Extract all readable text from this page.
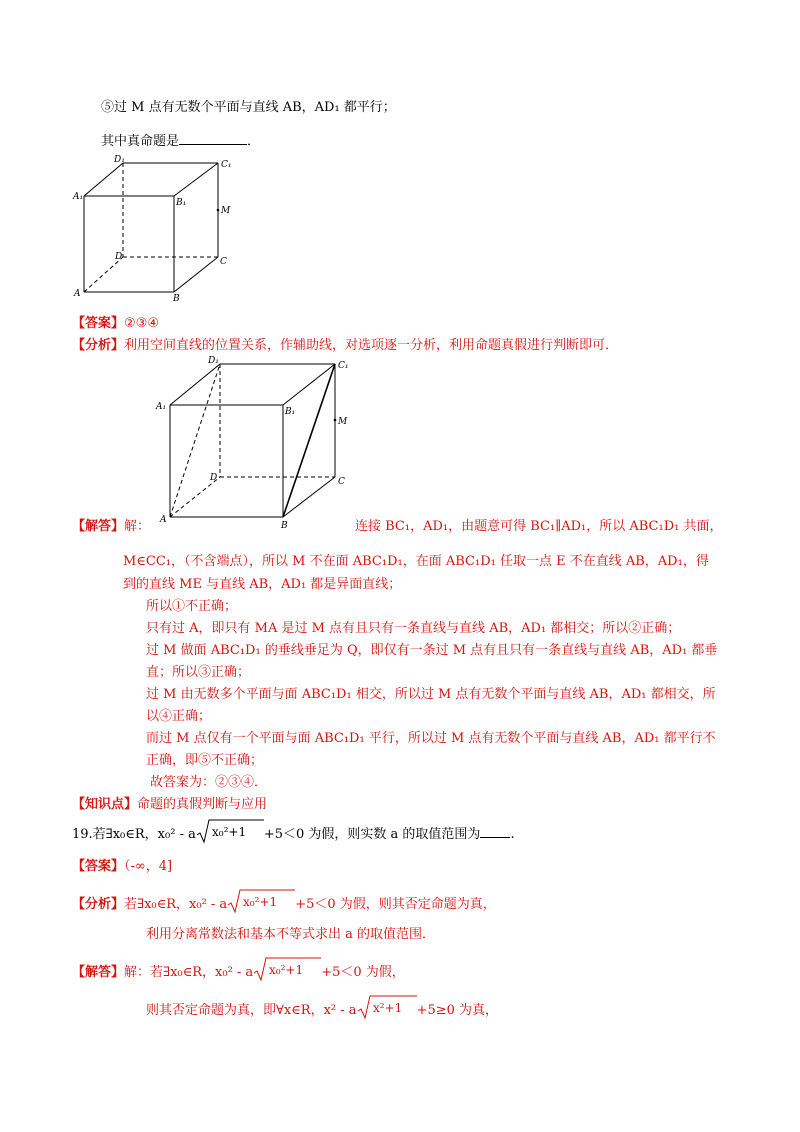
⑤过 M 点有无数个平面与直线 AB，AD₁ 都平行；
其中真命题是	．
D₁	C₁
A₁
B₁
M
D	C
A	B
【答案】②③④
【分析】利用空间直线的位置关系，作辅助线，对选项逐一分析，利用命题真假进行判断即可．
D₁	C₁
A₁	B₁
M
D	C
A
B
【解答】解：	连接 BC₁，AD₁，由题意可得 BC₁∥AD₁，所以 ABC₁D₁ 共面，
M∈CC₁，（不含端点），所以 M 不在面 ABC₁D₁，在面 ABC₁D₁ 任取一点 E 不在直线 AB，AD₁，得
到的直线 ME 与直线 AB，AD₁ 都是异面直线；
所以①不正确；
只有过 A，即只有 MA 是过 M 点有且只有一条直线与直线 AB，AD₁ 都相交；所以②正确；
过 M 做面 ABC₁D₁ 的垂线垂足为 Q，即仅有一条过 M 点有且只有一条直线与直线 AB，AD₁ 都垂
直；所以③正确；
过 M 由无数多个平面与面 ABC₁D₁ 相交，所以过 M 点有无数个平面与直线 AB，AD₁ 都相交，所
以④正确；
而过 M 点仅有一个平面与面 ABC₁D₁ 平行，所以过 M 点有无数个平面与直线 AB，AD₁ 都平行不
正确，即⑤不正确；
故答案为：②③④．
【知识点】命题的真假判断与应用
19.若∃x₀∈R，x₀² - a x₀²+1 +5＜0 为假，则实数 a 的取值范围为 .
【答案】（-∞，4]
【分析】若∃x₀∈R，x₀² - a x₀²+1 +5＜0 为假，则其否定命题为真，
利用分离常数法和基本不等式求出 a 的取值范围．
【解答】解：若∃x₀∈R，x₀² - a x₀²+1 +5＜0 为假，
则其否定命题为真，即∀x∈R，x² - a x²+1 +5≥0 为真，
